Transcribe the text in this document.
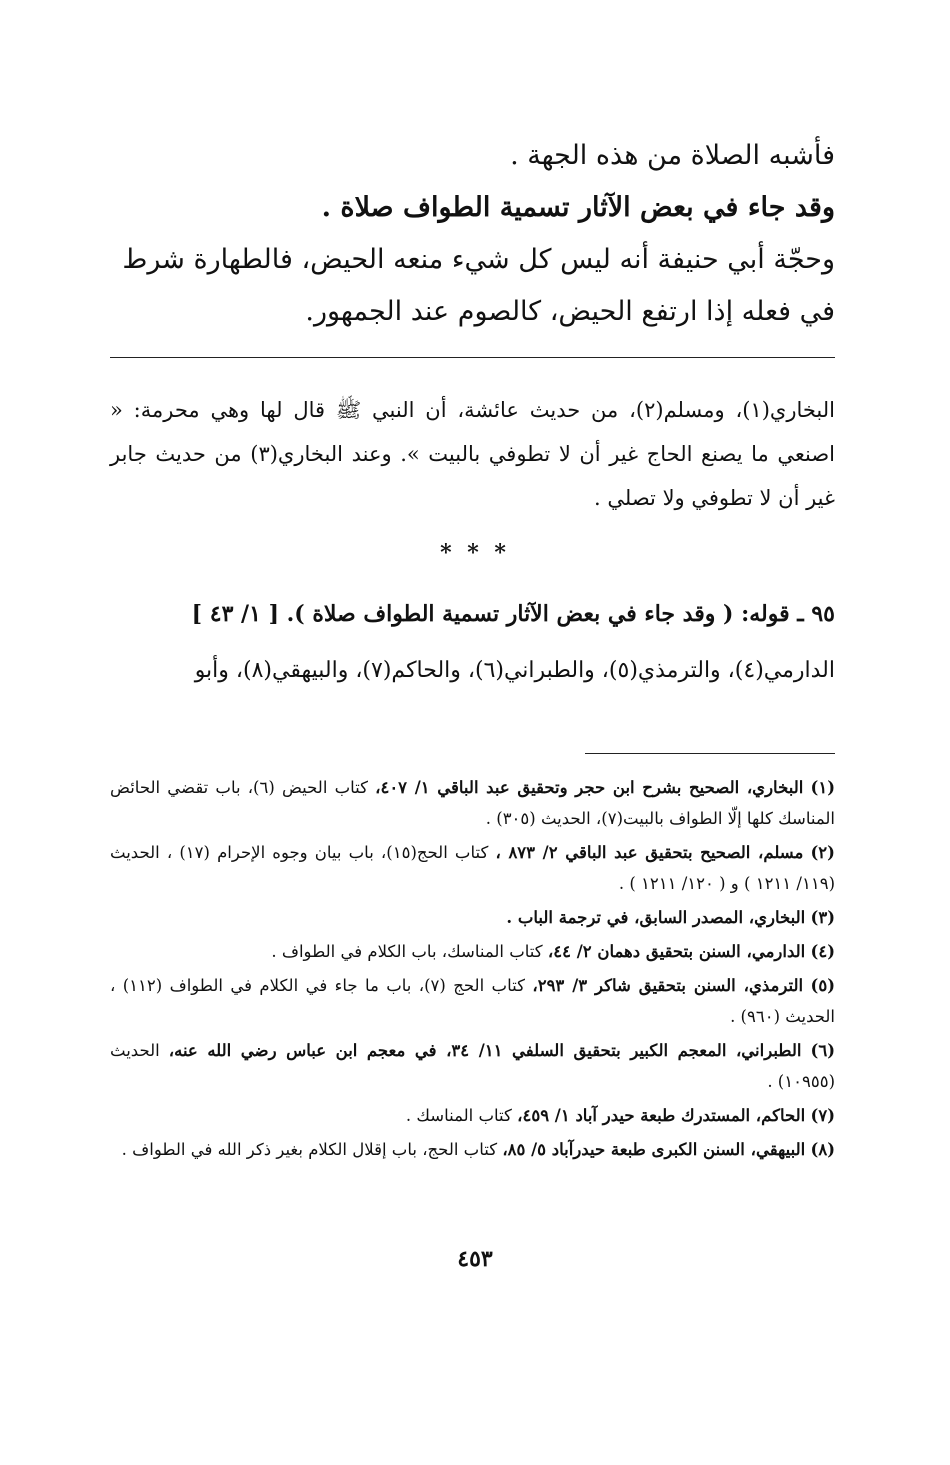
فأشبه الصلاة من هذه الجهة .

وقد جاء في بعض الآثار تسمية الطواف صلاة .

وحجّة أبي حنيفة أنه ليس كل شيء منعه الحيض، فالطهارة شرط في فعله إذا ارتفع الحيض، كالصوم عند الجمهور.

البخاري(١)، ومسلم(٢)، من حديث عائشة، أن النبي ﷺ قال لها وهي محرمة: « اصنعي ما يصنع الحاج غير أن لا تطوفي بالبيت ». وعند البخاري(٣) من حديث جابر غير أن لا تطوفي ولا تصلي .

* * *
٩٥ ـ قوله: ( وقد جاء في بعض الآثار تسمية الطواف صلاة ). [ ١/ ٤٣ ]
الدارمي(٤)، والترمذي(٥)، والطبراني(٦)، والحاكم(٧)، والبيهقي(٨)، وأبو

(١) البخاري، الصحيح بشرح ابن حجر وتحقيق عبد الباقي ١/ ٤٠٧، كتاب الحيض (٦)، باب تقضي الحائض المناسك كلها إلّا الطواف بالبيت(٧)، الحديث (٣٠٥) .

(٢) مسلم، الصحيح بتحقيق عبد الباقي ٢/ ٨٧٣ ، كتاب الحج(١٥)، باب بيان وجوه الإحرام (١٧) ، الحديث (١١٩/ ١٢١١ ) و ( ١٢٠/ ١٢١١ ) .

(٣) البخاري، المصدر السابق، في ترجمة الباب .

(٤) الدارمي، السنن بتحقيق دهمان ٢/ ٤٤، كتاب المناسك، باب الكلام في الطواف .

(٥) الترمذي، السنن بتحقيق شاكر ٣/ ٢٩٣، كتاب الحج (٧)، باب ما جاء في الكلام في الطواف (١١٢) ، الحديث (٩٦٠) .

(٦) الطبراني، المعجم الكبير بتحقيق السلفي ١١/ ٣٤، في معجم ابن عباس رضي الله عنه، الحديث (١٠٩٥٥) .

(٧) الحاكم، المستدرك طبعة حيدر آباد ١/ ٤٥٩، كتاب المناسك .

(٨) البيهقي، السنن الكبرى طبعة حيدرآباد ٥/ ٨٥، كتاب الحج، باب إقلال الكلام بغير ذكر الله في الطواف .

٤٥٣
